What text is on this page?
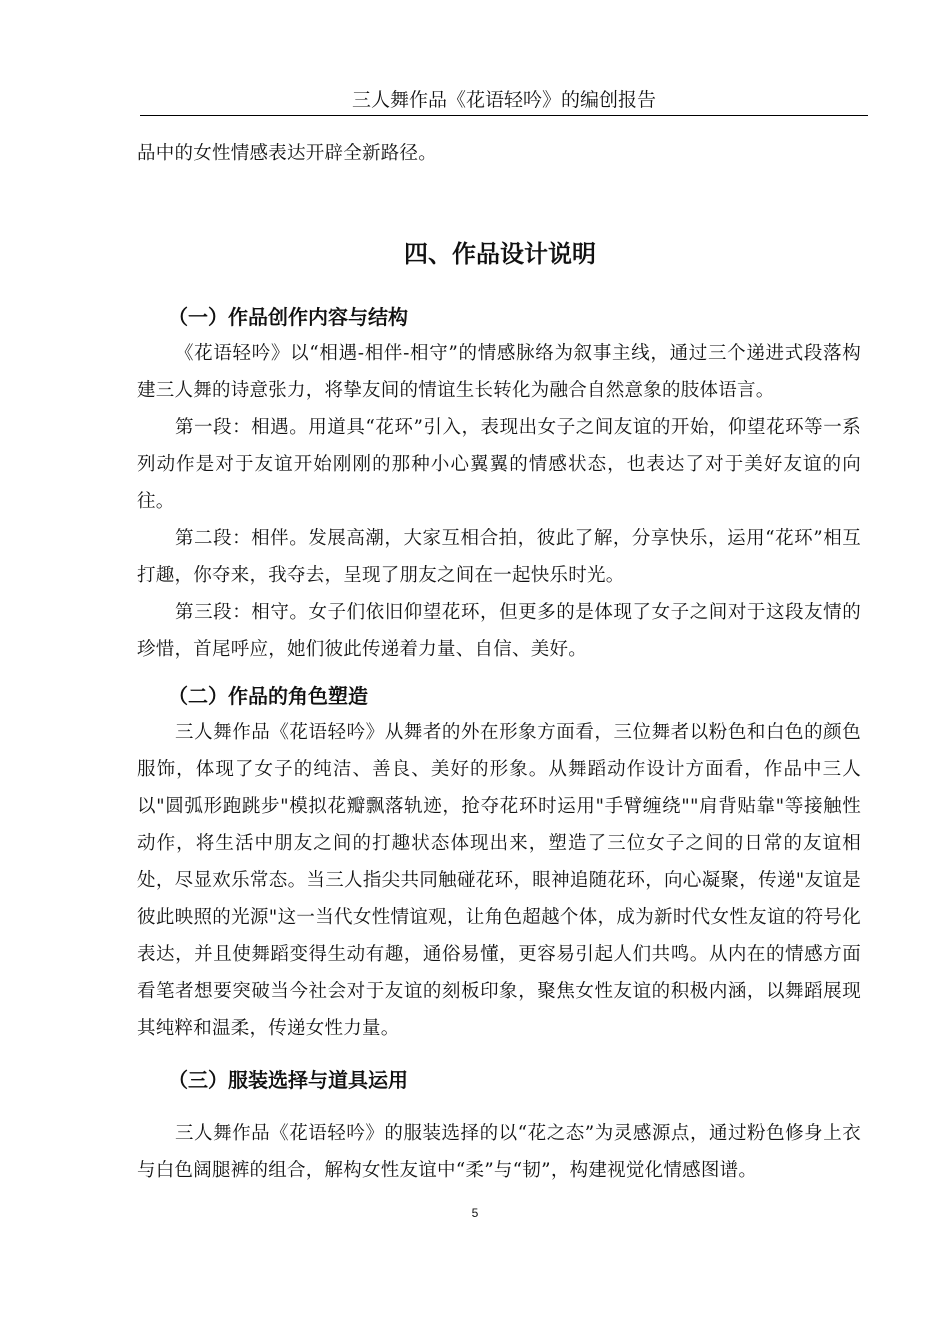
三人舞作品《花语轻吟》的编创报告

品中的女性情感表达开辟全新路径。

四、作品设计说明
（一）作品创作内容与结构

《花语轻吟》以“相遇-相伴-相守”的情感脉络为叙事主线，通过三个递进式段落构建三人舞的诗意张力，将挚友间的情谊生长转化为融合自然意象的肢体语言。

第一段：相遇。用道具“花环”引入，表现出女子之间友谊的开始，仰望花环等一系列动作是对于友谊开始刚刚的那种小心翼翼的情感状态，也表达了对于美好友谊的向往。

第二段：相伴。发展高潮，大家互相合拍，彼此了解，分享快乐，运用“花环”相互打趣，你夺来，我夺去，呈现了朋友之间在一起快乐时光。

第三段：相守。女子们依旧仰望花环，但更多的是体现了女子之间对于这段友情的珍惜，首尾呼应，她们彼此传递着力量、自信、美好。

（二）作品的角色塑造

三人舞作品《花语轻吟》从舞者的外在形象方面看，三位舞者以粉色和白色的颜色服饰，体现了女子的纯洁、善良、美好的形象。从舞蹈动作设计方面看，作品中三人以"圆弧形跑跳步"模拟花瓣飘落轨迹，抢夺花环时运用"手臂缠绕""肩背贴靠"等接触性动作，将生活中朋友之间的打趣状态体现出来，塑造了三位女子之间的日常的友谊相处，尽显欢乐常态。当三人指尖共同触碰花环，眼神追随花环，向心凝聚，传递"友谊是彼此映照的光源"这一当代女性情谊观，让角色超越个体，成为新时代女性友谊的符号化表达，并且使舞蹈变得生动有趣，通俗易懂，更容易引起人们共鸣。从内在的情感方面看笔者想要突破当今社会对于友谊的刻板印象，聚焦女性友谊的积极内涵，以舞蹈展现其纯粹和温柔，传递女性力量。

（三）服装选择与道具运用

三人舞作品《花语轻吟》的服装选择的以“花之态”为灵感源点，通过粉色修身上衣与白色阔腿裤的组合，解构女性友谊中“柔”与“韧”，构建视觉化情感图谱。

5
